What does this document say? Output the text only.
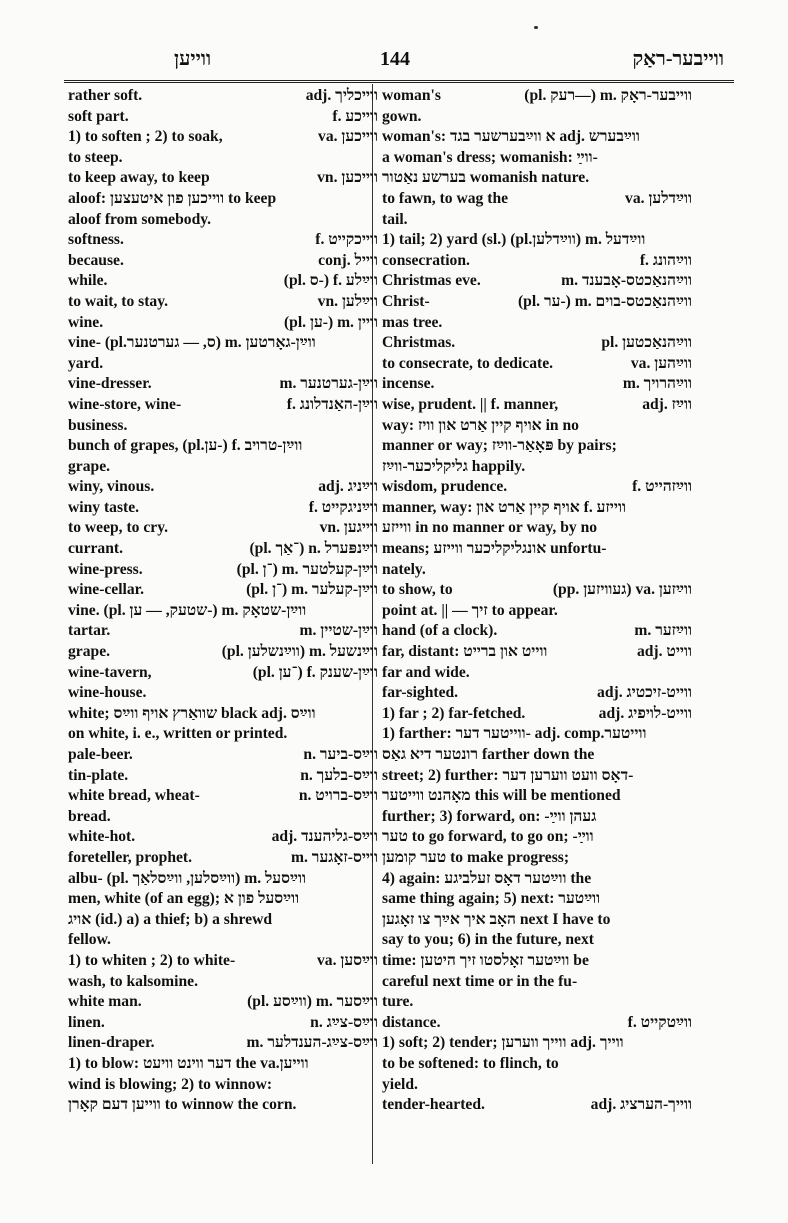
ווייען	144	ווייבער-ראַק
rather soft.	adj. ווייכליך
soft part.	f. ווייכע
1) to soften ; 2) to soak,	va. ווייכען
to steep.
to keep away, to keep	vn. ווייכען
aloof: ווייכען פון איטעצען to keep
aloof from somebody.
softness.	f. ווייכקייט
because.	conj. ווייל
while.	(pl. ס-) f. ווײַלע
to wait, to stay.	vn. ווײַלען
wine.	(pl. ען-) m. וויין
vine- (pl.ס, — גערטנער) m. ווײַן-גאָרטען
yard.
vine-dresser.	m. ווײַן-גערטנער
wine-store, wine-	f. ווײַן-האַנדלונג
business.
bunch of grapes, (pl.ען-) f. ווײַן-טרויב
grape.
winy, vinous.	adj. ווײַניג
winy taste.	f. ווײַניגקייט
to weep, to cry.	vn. ווייגען
currant.	(pl. ־אַך) n. ווײַנפּערל
wine-press.	(pl. ־ן) m. ווײַן-קעלטער
wine-cellar.	(pl. ־ן) m. ווײַן-קעלער
vine. (pl. שטעק, — ען-) m. ווײַן-שטאָק
tartar.	m. ווײַן-שטיין
grape.	(pl. ווײַנשלען) m. ווײַנשעל
wine-tavern,	(pl. ־ען) f. ווײַן-שענק
wine-house.
white; שוואַרץ אויף ווײַס black adj. ווײַס
on white, i. e., written or printed.
pale-beer.	n. ווײַס-ביער
tin-plate.	n. ווײַס-בלעך
white bread, wheat-	n. ווײַס-ברויט
bread.
white-hot.	adj. ווײַס-גליהענד
foreteller, prophet.	m. ווייס-זאָגער
albu- (pl. ווײַסלען, ווײַסלאַך) m. ווײַסעל
men, white (of an egg); ווײַסעל פון א
אויג (id.) a) a thief; b) a shrewd
fellow.
1) to whiten ; 2) to white-	va. ווײַסען
wash, to kalsomine.
white man.	(pl. ווײַסע) m. ווײַסער
linen.	n. ווײַס-צײַג
linen-draper.	m. ווײַס-צײַג-הענדלער
1) to blow: דער ווינט וויעט the va.ווייען
wind is blowing; 2) to winnow:
ווייען דעם קאָרן to winnow the corn.
woman's	(pl. רעק—) m. ווייבער-ראָק
gown.
woman's: א ווײַבערשער בגד adj. ווײַבערש
a woman's dress; womanish: ווײַ-
בערשע נאַטור womanish nature.
to fawn, to wag the	va. ווײַדלען
tail.
1) tail; 2) yard (sl.) (pl.ווײַדלען) m. ווײַדעל
consecration.	f. ווײַהונג
Christmas eve.	m. ווײַהנאַכטס-אָבענד
Christ-	(pl. ער-) m. ווײַהנאַכטס-בוים
mas tree.
Christmas.	pl. ווײַהנאַכטען
to consecrate, to dedicate.	va. ווײַהען
incense.	m. ווײַהרויך
wise, prudent. || f. manner,	adj. ווײַז
way: אויף קיין אַרט און וויז in no
manner or way; פּאָאַר-ווײַז by pairs;
גליקליכער-ווײַז happily.
wisdom, prudence.	f. ווײַזהייט
manner, way: אויף קיין אַרט און f. ווייזע
ווייזע in no manner or way, by no
means; אונגליקליכער ווייזע unfortu-
nately.
to show, to	(pp. געוויזען) va. ווײַזען
point at. || — זיך to appear.
hand (of a clock).	m. ווײַזער
far, distant: ווייט און ברייט	adj. ווייט
far and wide.
far-sighted.	adj. ווייט-זיכטיג
1) far ; 2) far-fetched.	adj. ווייט-לויפיג
1) farther: ווייטער דער- adj. comp.ווייטער
רונטער דיא גאַס farther down the
street; 2) further: דאָס וועט ווערען דער-
מאָהנט ווייטער this will be mentioned
further; 3) forward, on: -געהן ווײַ
טער to go forward, to go on; -ווײַ
טער קומען to make progress;
4) again: ווײַטער דאָס זעלביגע the
same thing again; 5) next: ווײַטער
האָב איך אײַך צו זאָגען next I have to
say to you; 6) in the future, next
time: ווײַטער זאָלסטו זיך היטען be
careful next time or in the fu-
ture.
distance.	f. ווײַטקייט
1) soft; 2) tender; ווייך ווערען adj. ווייך
to be softened: to flinch, to
yield.
tender-hearted.	adj. ווייך-הערציג
